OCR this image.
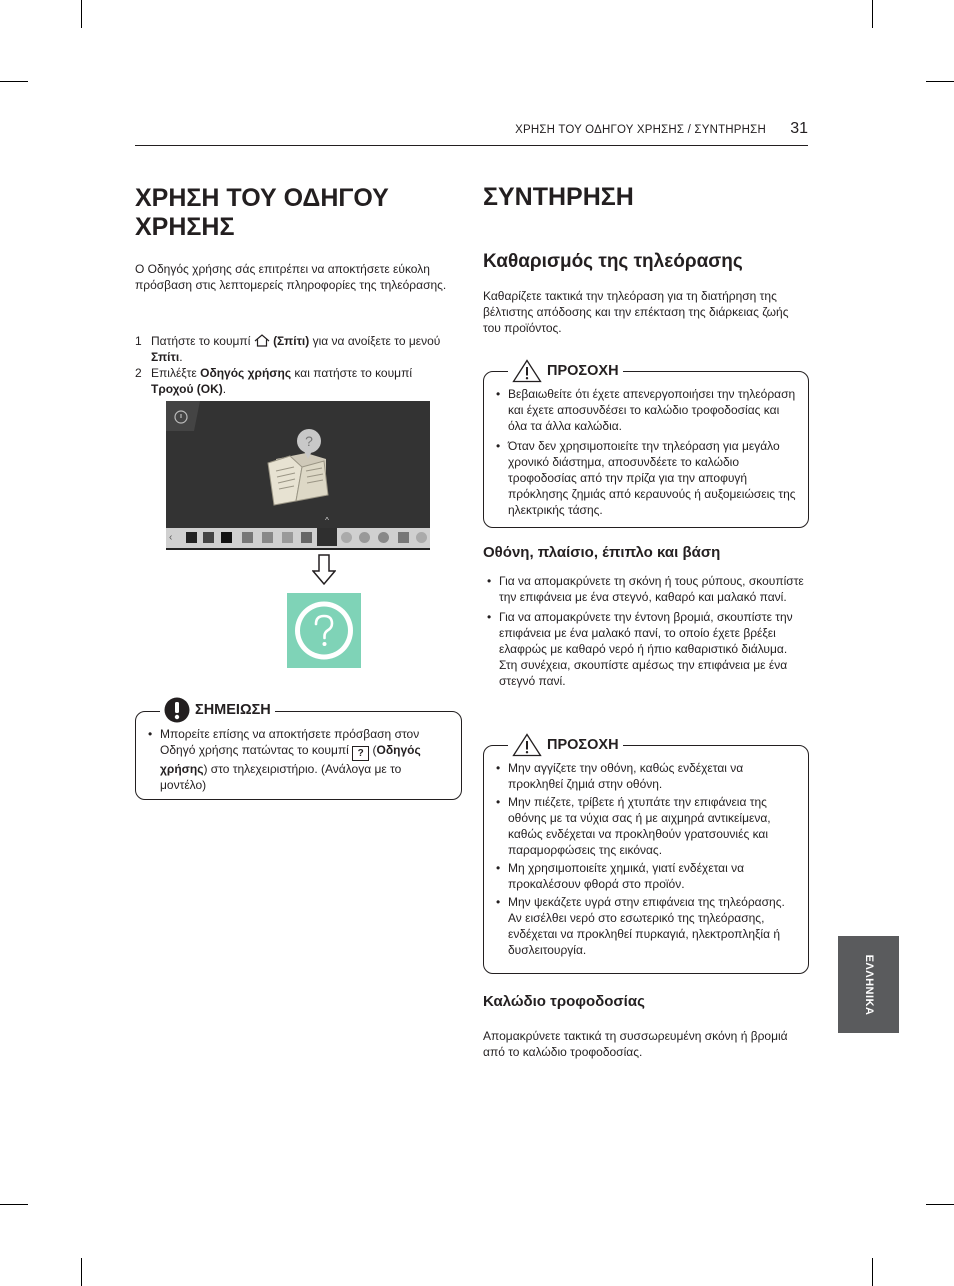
ΧΡΗΣΗ ΤΟΥ ΟΔΗΓΟΥ ΧΡΗΣΗΣ / ΣΥΝΤΗΡΗΣΗ 31
ΧΡΗΣΗ ΤΟΥ ΟΔΗΓΟΥ
ΧΡΗΣΗΣ

Ο Οδηγός χρήσης σάς επιτρέπει να αποκτήσετε εύκολη πρόσβαση στις λεπτομερείς πληροφορίες της τηλεόρασης.

1 Πατήστε το κουμπί (Σπίτι) για να ανοίξετε το μενού Σπίτι.
2 Επιλέξτε Οδηγός χρήσης και πατήστε το κουμπί Τροχού (OK).
?
^
‹
ΣΗΜΕΙΩΣΗ
• Μπορείτε επίσης να αποκτήσετε πρόσβαση στον Οδηγό χρήσης πατώντας το κουμπί ? (Οδηγός χρήσης) στο τηλεχειριστήριο. (Ανάλογα με το μοντέλο)
ΣΥΝΤΗΡΗΣΗ
Καθαρισμός της τηλεόρασης

Καθαρίζετε τακτικά την τηλεόραση για τη διατήρηση της βέλτιστης απόδοσης και την επέκταση της διάρκειας ζωής του προϊόντος.

ΠΡΟΣΟΧΗ
• Βεβαιωθείτε ότι έχετε απενεργοποιήσει την τηλεόραση και έχετε αποσυνδέσει το καλώδιο τροφοδοσίας και όλα τα άλλα καλώδια.
• Όταν δεν χρησιμοποιείτε την τηλεόραση για μεγάλο χρονικό διάστημα, αποσυνδέετε το καλώδιο τροφοδοσίας από την πρίζα για την αποφυγή πρόκλησης ζημιάς από κεραυνούς ή αυξομειώσεις της ηλεκτρικής τάσης.
Οθόνη, πλαίσιο, έπιπλο και βάση
• Για να απομακρύνετε τη σκόνη ή τους ρύπους, σκουπίστε την επιφάνεια με ένα στεγνό, καθαρό και μαλακό πανί.
• Για να απομακρύνετε την έντονη βρομιά, σκουπίστε την επιφάνεια με ένα μαλακό πανί, το οποίο έχετε βρέξει ελαφρώς με καθαρό νερό ή ήπιο καθαριστικό διάλυμα. Στη συνέχεια, σκουπίστε αμέσως την επιφάνεια με ένα στεγνό πανί.
ΠΡΟΣΟΧΗ
• Μην αγγίζετε την οθόνη, καθώς ενδέχεται να προκληθεί ζημιά στην οθόνη.
• Μην πιέζετε, τρίβετε ή χτυπάτε την επιφάνεια της οθόνης με τα νύχια σας ή με αιχμηρά αντικείμενα, καθώς ενδέχεται να προκληθούν γρατσουνιές και παραμορφώσεις της εικόνας.
• Μη χρησιμοποιείτε χημικά, γιατί ενδέχεται να προκαλέσουν φθορά στο προϊόν.
• Μην ψεκάζετε υγρά στην επιφάνεια της τηλεόρασης. Αν εισέλθει νερό στο εσωτερικό της τηλεόρασης, ενδέχεται να προκληθεί πυρκαγιά, ηλεκτροπληξία ή δυσλειτουργία.
Καλώδιο τροφοδοσίας

Απομακρύνετε τακτικά τη συσσωρευμένη σκόνη ή βρομιά από το καλώδιο τροφοδοσίας.

ΕΛΛΗΝΙΚΑ
